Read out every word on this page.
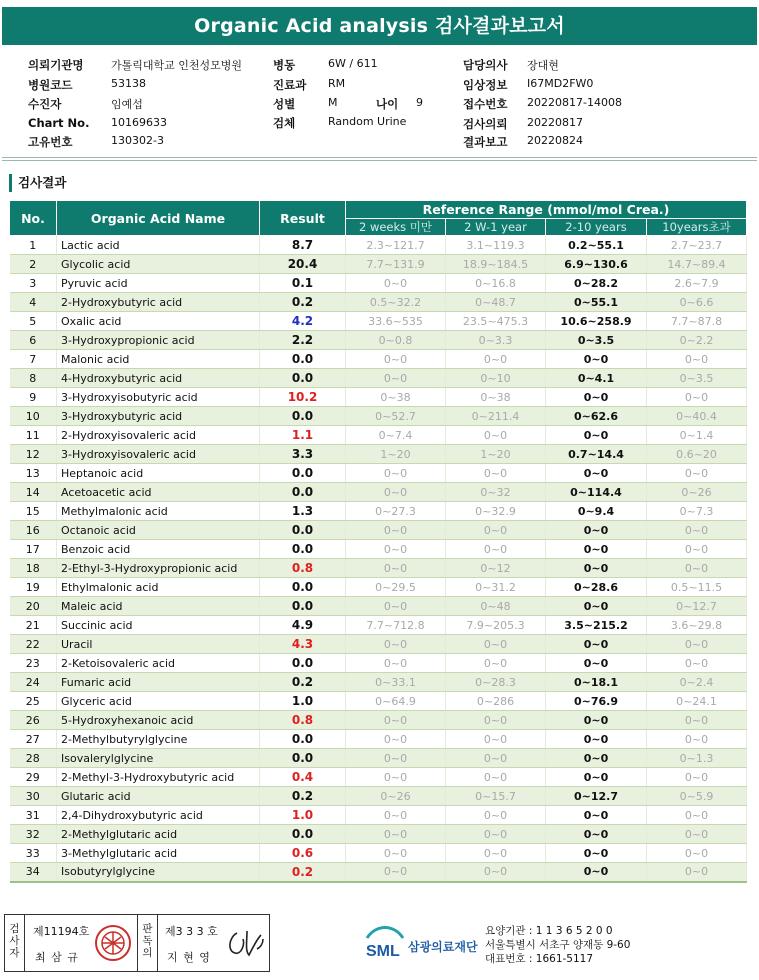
Organic Acid analysis 검사결과보고서
의뢰기관명 가톨릭대학교 인천성모병원
병원코드	53138
수진자	임예섭
Chart No. 10169633
고유번호	130302-3
병동	6W / 611
진료과 RM
성별	M	나이 9
검체	Random Urine
담당의사 장대현
임상정보 I67MD2FW0
접수번호 20220817-14008
검사의뢰 20220817
결과보고 20220824
검사결과
No.	Organic Acid Name	Result	Reference Range (mmol/mol Crea.)			
			2 weeks 미만	2 W-1 year	2-10 years	10years초과
1	Lactic acid	8.7	2.3~121.7	3.1~119.3	0.2~55.1	2.7~23.7
2	Glycolic acid	20.4	7.7~131.9	18.9~184.5	6.9~130.6	14.7~89.4
3	Pyruvic acid	0.1	0~0	0~16.8	0~28.2	2.6~7.9
4	2-Hydroxybutyric acid	0.2	0.5~32.2	0~48.7	0~55.1	0~6.6
5	Oxalic acid	4.2	33.6~535	23.5~475.3	10.6~258.9	7.7~87.8
6	3-Hydroxypropionic acid	2.2	0~0.8	0~3.3	0~3.5	0~2.2
7	Malonic acid	0.0	0~0	0~0	0~0	0~0
8	4-Hydroxybutyric acid	0.0	0~0	0~10	0~4.1	0~3.5
9	3-Hydroxyisobutyric acid	10.2	0~38	0~38	0~0	0~0
10	3-Hydroxybutyric acid	0.0	0~52.7	0~211.4	0~62.6	0~40.4
11	2-Hydroxyisovaleric acid	1.1	0~7.4	0~0	0~0	0~1.4
12	3-Hydroxyisovaleric acid	3.3	1~20	1~20	0.7~14.4	0.6~20
13	Heptanoic acid	0.0	0~0	0~0	0~0	0~0
14	Acetoacetic acid	0.0	0~0	0~32	0~114.4	0~26
15	Methylmalonic acid	1.3	0~27.3	0~32.9	0~9.4	0~7.3
16	Octanoic acid	0.0	0~0	0~0	0~0	0~0
17	Benzoic acid	0.0	0~0	0~0	0~0	0~0
18	2-Ethyl-3-Hydroxypropionic acid	0.8	0~0	0~12	0~0	0~0
19	Ethylmalonic acid	0.0	0~29.5	0~31.2	0~28.6	0.5~11.5
20	Maleic acid	0.0	0~0	0~48	0~0	0~12.7
21	Succinic acid	4.9	7.7~712.8	7.9~205.3	3.5~215.2	3.6~29.8
22	Uracil	4.3	0~0	0~0	0~0	0~0
23	2-Ketoisovaleric acid	0.0	0~0	0~0	0~0	0~0
24	Fumaric acid	0.2	0~33.1	0~28.3	0~18.1	0~2.4
25	Glyceric acid	1.0	0~64.9	0~286	0~76.9	0~24.1
26	5-Hydroxyhexanoic acid	0.8	0~0	0~0	0~0	0~0
27	2-Methylbutyrylglycine	0.0	0~0	0~0	0~0	0~0
28	Isovalerylglycine	0.0	0~0	0~0	0~0	0~1.3
29	2-Methyl-3-Hydroxybutyric acid	0.4	0~0	0~0	0~0	0~0
30	Glutaric acid	0.2	0~26	0~15.7	0~12.7	0~5.9
31	2,4-Dihydroxybutyric acid	1.0	0~0	0~0	0~0	0~0
32	2-Methylglutaric acid	0.0	0~0	0~0	0~0	0~0
33	3-Methylglutaric acid	0.6	0~0	0~0	0~0	0~0
34	Isobutyrylglycine	0.2	0~0	0~0	0~0	0~0
검사자
제11194호
최 삼 규
판독의
제3 3 3 호
지 현 영	SML 삼광의료재단
요양기관 : 1 1 3 6 5 2 0 0
서울특별시 서초구 양재동 9-60
대표번호 : 1661-5117
